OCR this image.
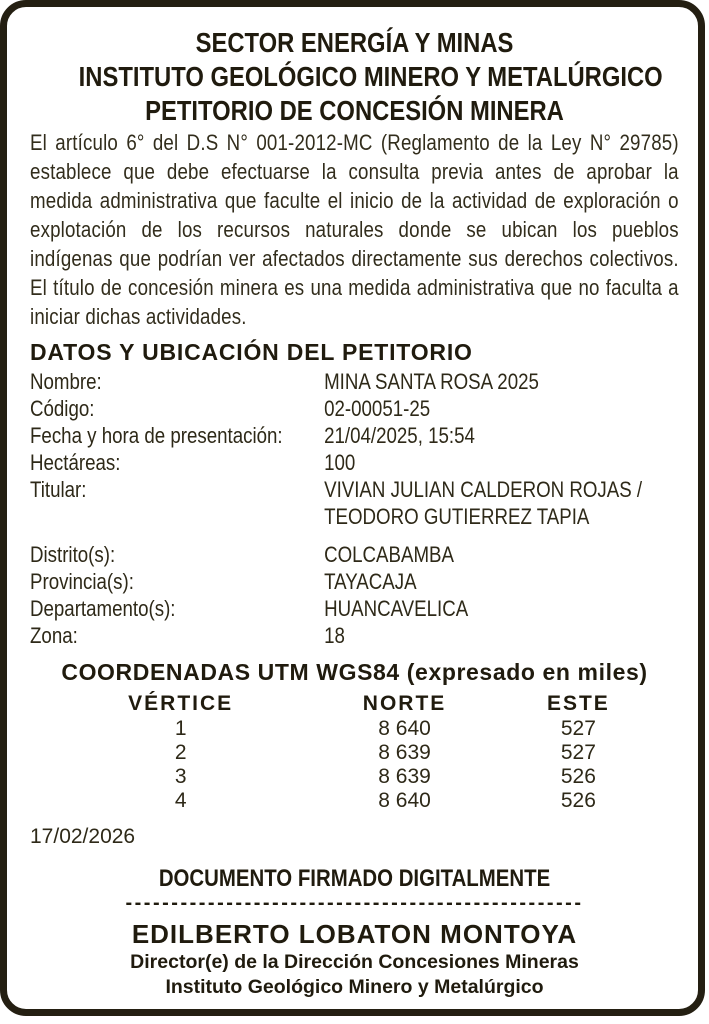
SECTOR ENERGÍA Y MINAS
INSTITUTO GEOLÓGICO MINERO Y METALÚRGICO
PETITORIO DE CONCESIÓN MINERA

El artículo 6° del D.S N° 001-2012-MC (Reglamento de la Ley N° 29785) establece que debe efectuarse la consulta previa antes de aprobar la medida administrativa que faculte el inicio de la actividad de exploración o explotación de los recursos naturales donde se ubican los pueblos indígenas que podrían ver afectados directamente sus derechos colectivos. El título de concesión minera es una medida administrativa que no faculta a iniciar dichas actividades.

DATOS Y UBICACIÓN DEL PETITORIO
Nombre:	MINA SANTA ROSA 2025
Código:	02-00051-25
Fecha y hora de presentación:	21/04/2025, 15:54
Hectáreas:	100
Titular:	VIVIAN JULIAN CALDERON ROJAS / TEODORO GUTIERREZ TAPIA
Distrito(s):	COLCABAMBA
Provincia(s):	TAYACAJA
Departamento(s):	HUANCAVELICA
Zona:	18
COORDENADAS UTM WGS84 (expresado en miles)
VÉRTICE	NORTE	ESTE
1	8 640	527
2	8 639	527
3	8 639	526
4	8 640	526
17/02/2026
DOCUMENTO FIRMADO DIGITALMENTE
--------------------------------------------------
EDILBERTO LOBATON MONTOYA
Director(e) de la Dirección Concesiones Mineras
Instituto Geológico Minero y Metalúrgico
